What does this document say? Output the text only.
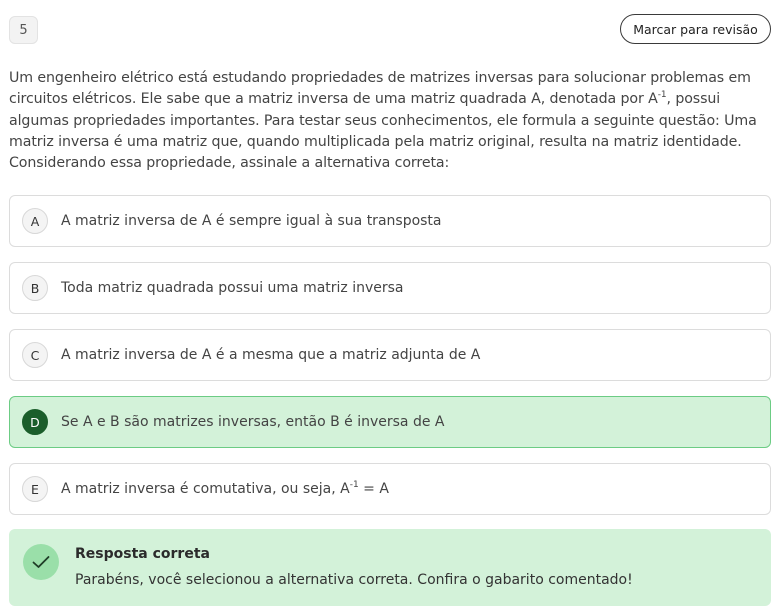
5	Marcar para revisão

Um engenheiro elétrico está estudando propriedades de matrizes inversas para solucionar problemas em circuitos elétricos. Ele sabe que a matriz inversa de uma matriz quadrada A, denotada por $A^{-1}$, possui algumas propriedades importantes. Para testar seus conhecimentos, ele formula a seguinte questão: Uma matriz inversa é uma matriz que, quando multiplicada pela matriz original, resulta na matriz identidade. Considerando essa propriedade, assinale a alternativa correta:

A	A matriz inversa de A é sempre igual à sua transposta
B	Toda matriz quadrada possui uma matriz inversa
C	A matriz inversa de A é a mesma que a matriz adjunta de A
D	Se A e B são matrizes inversas, então B é inversa de A
E	A matriz inversa é comutativa, ou seja, $A^{-1} = A$
Resposta correta
Parabéns, você selecionou a alternativa correta. Confira o gabarito comentado!
